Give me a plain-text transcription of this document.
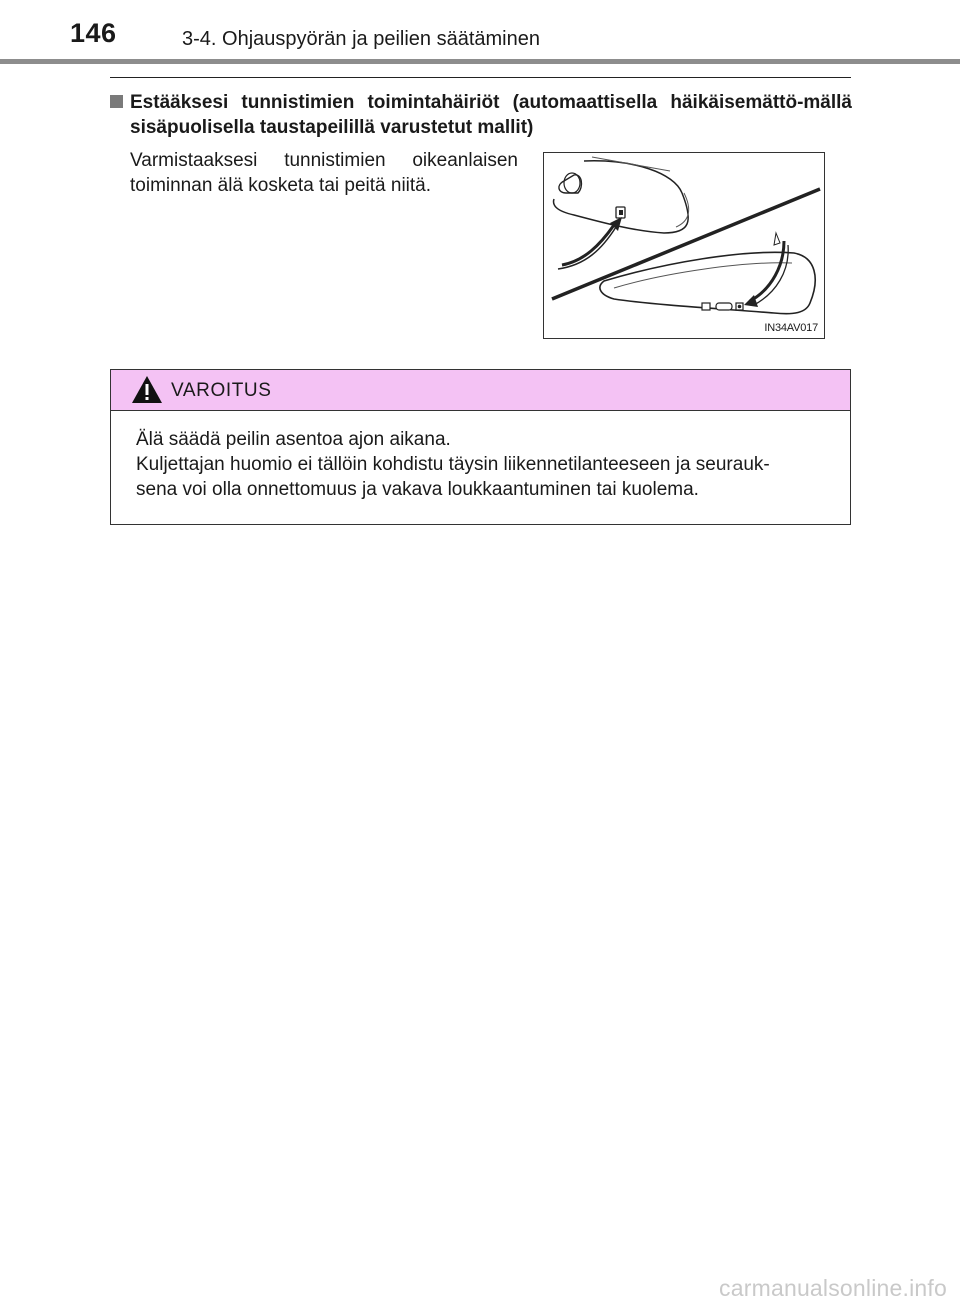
146	3-4. Ohjauspyörän ja peilien säätäminen
Estääksesi tunnistimien toimintahäiriöt (automaattisella häikäisemättö-mällä sisäpuolisella taustapeilillä varustetut mallit)
Varmistaaksesi tunnistimien oikeanlaisen toiminnan älä kosketa tai peitä niitä.
IN34AV017
VAROITUS
Älä säädä peilin asentoa ajon aikana.
Kuljettajan huomio ei tällöin kohdistu täysin liikennetilanteeseen ja seurauk-
sena voi olla onnettomuus ja vakava loukkaantuminen tai kuolema.
carmanualsonline.info
